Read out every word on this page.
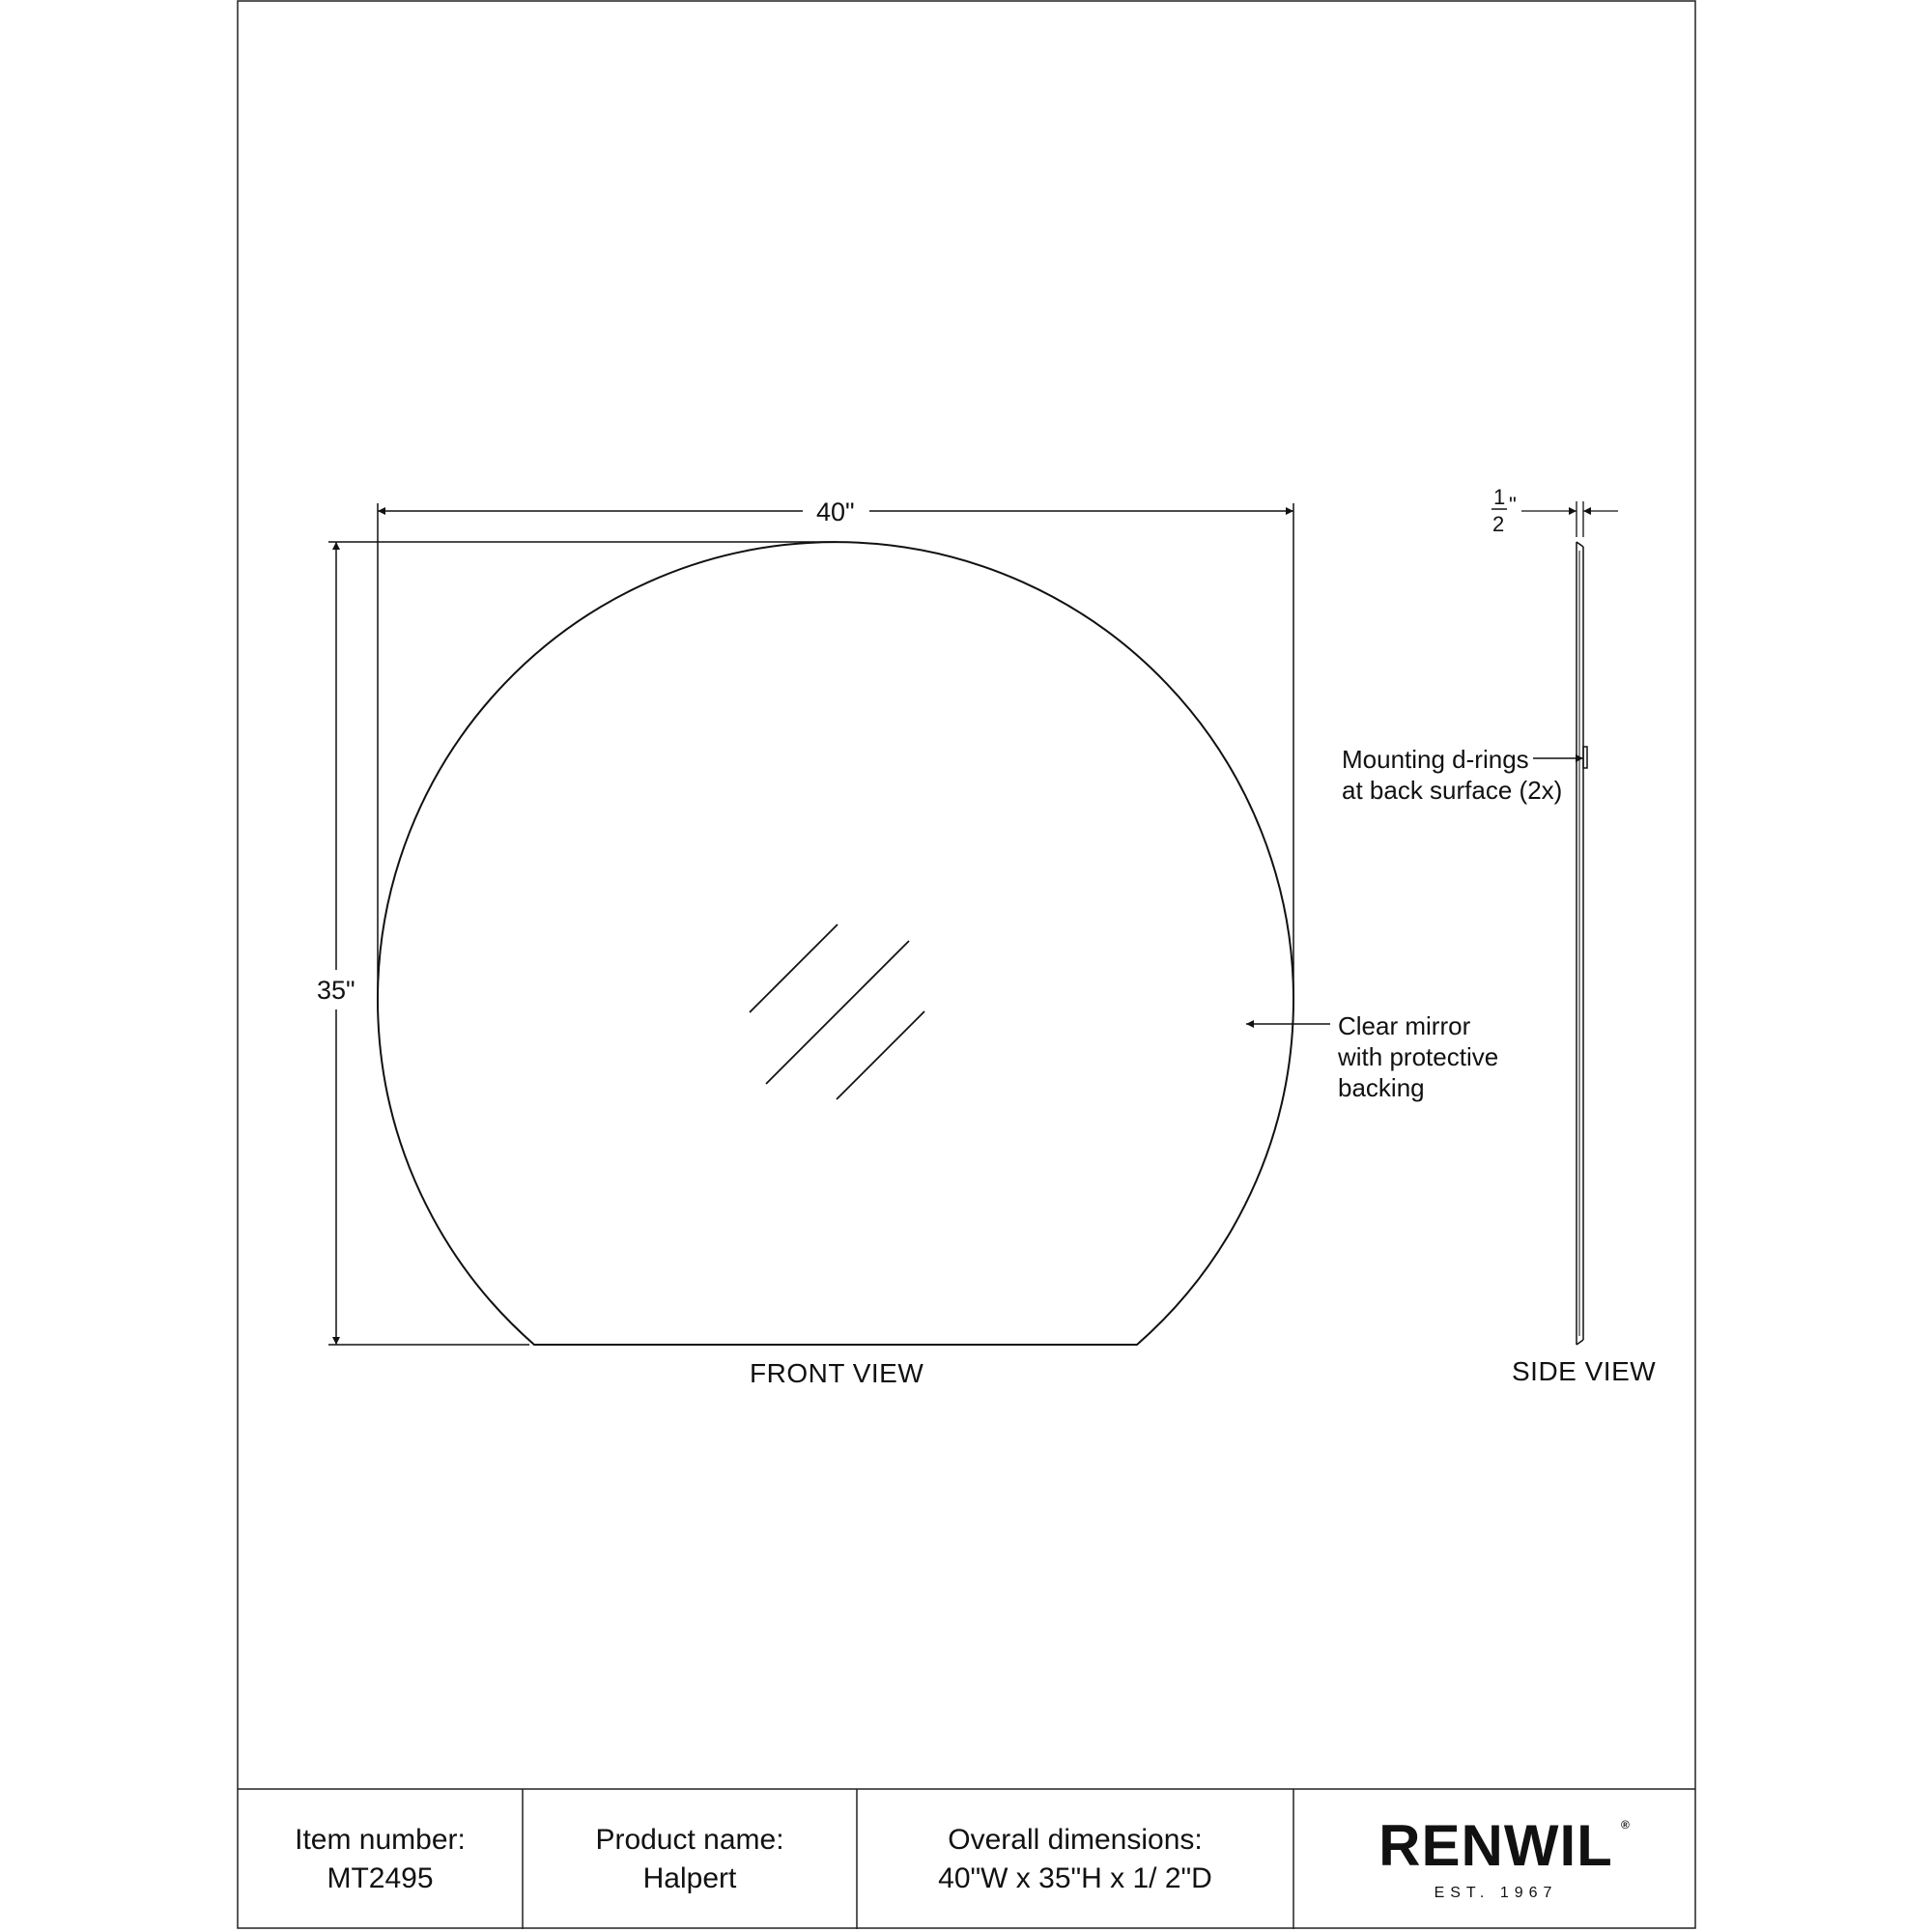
40"
35"
1
2
"
Clear mirror
with protective
backing
Mounting d-rings
at back surface (2x)
FRONT VIEW	SIDE VIEW
Item number:
MT2495
Product name:
Halpert
Overall dimensions:
40"W x 35"H x 1/ 2"D
RENWIL ®
EST. 1967
